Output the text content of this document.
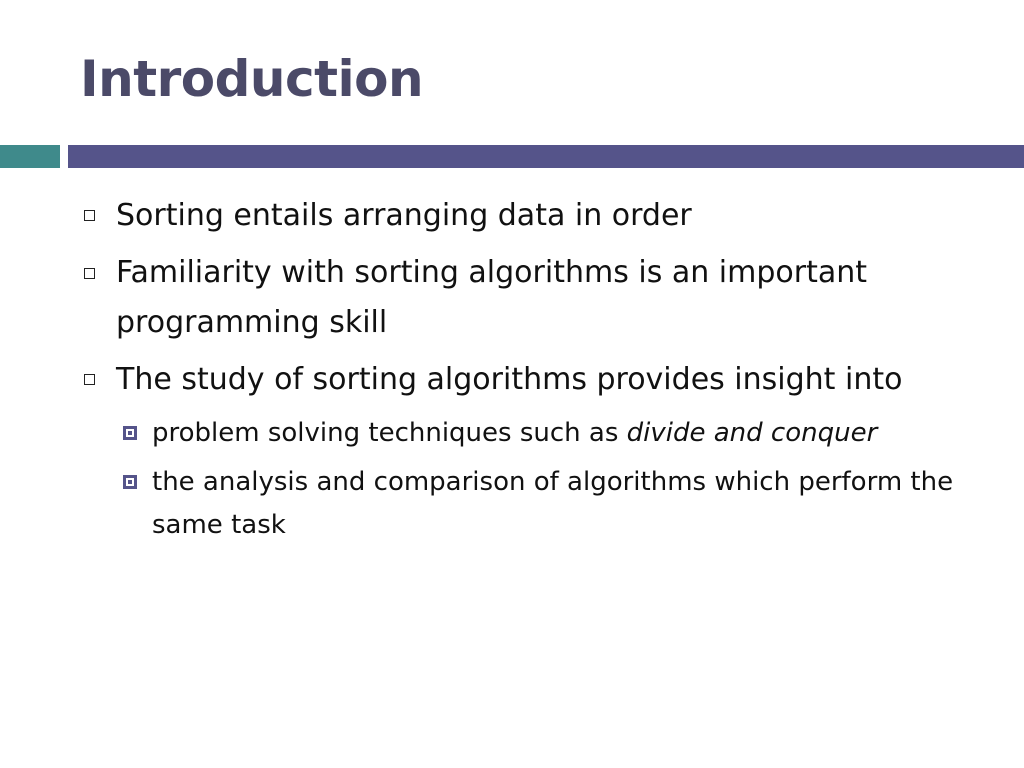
Introduction
Sorting entails arranging data in order
Familiarity with sorting algorithms is an important programming skill
The study of sorting algorithms provides insight into
problem solving techniques such as divide and conquer
the analysis and comparison of algorithms which perform the same task
